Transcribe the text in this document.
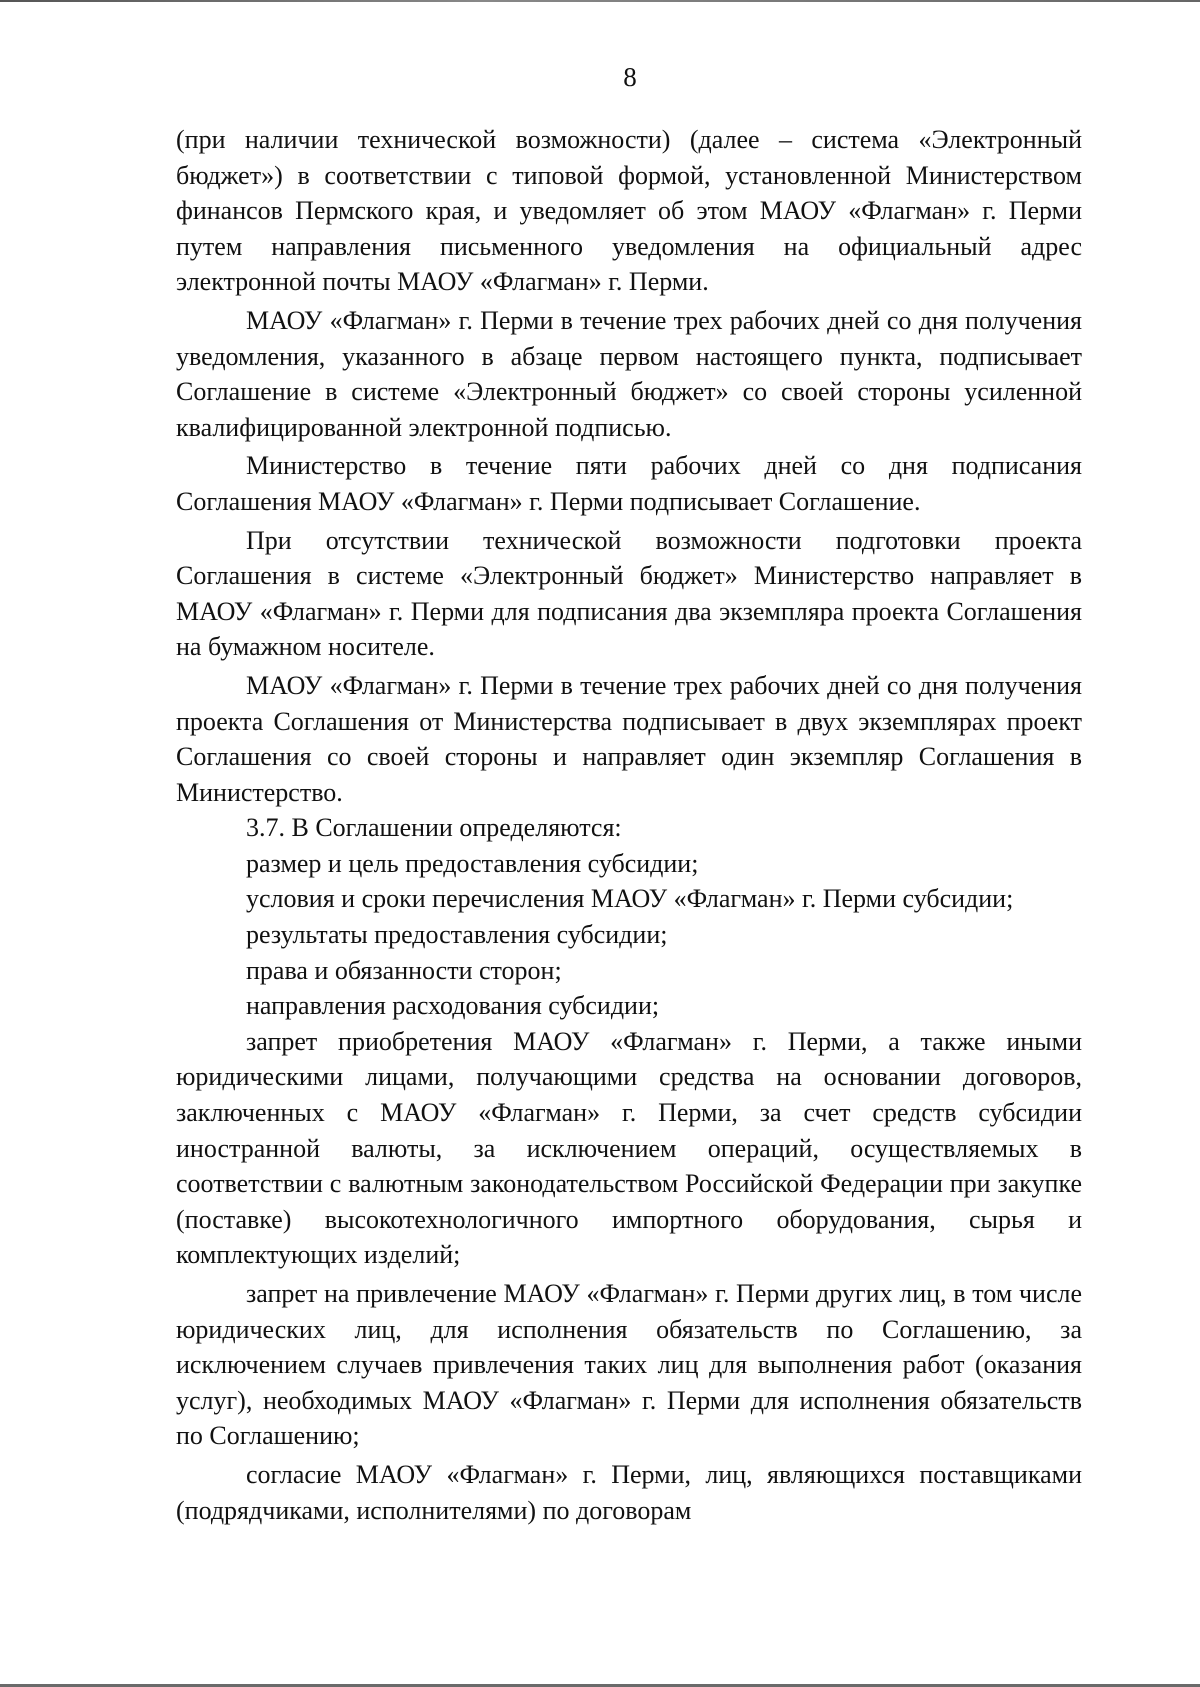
8

(при наличии технической возможности) (далее – система «Электронный бюджет») в соответствии с типовой формой, установленной Министерством финансов Пермского края, и уведомляет об этом МАОУ «Флагман» г. Перми путем направления письменного уведомления на официальный адрес электронной почты МАОУ «Флагман» г. Перми.

МАОУ «Флагман» г. Перми в течение трех рабочих дней со дня получения уведомления, указанного в абзаце первом настоящего пункта, подписывает Соглашение в системе «Электронный бюджет» со своей стороны усиленной квалифицированной электронной подписью.

Министерство в течение пяти рабочих дней со дня подписания Соглашения МАОУ «Флагман» г. Перми подписывает Соглашение.

При отсутствии технической возможности подготовки проекта Соглашения в системе «Электронный бюджет» Министерство направляет в МАОУ «Флагман» г. Перми для подписания два экземпляра проекта Соглашения на бумажном носителе.

МАОУ «Флагман» г. Перми в течение трех рабочих дней со дня получения проекта Соглашения от Министерства подписывает в двух экземплярах проект Соглашения со своей стороны и направляет один экземпляр Соглашения в Министерство.

3.7. В Соглашении определяются:

размер и цель предоставления субсидии;

условия и сроки перечисления МАОУ «Флагман» г. Перми субсидии;

результаты предоставления субсидии;

права и обязанности сторон;

направления расходования субсидии;

запрет приобретения МАОУ «Флагман» г. Перми, а также иными юридическими лицами, получающими средства на основании договоров, заключенных с МАОУ «Флагман» г. Перми, за счет средств субсидии иностранной валюты, за исключением операций, осуществляемых в соответствии с валютным законодательством Российской Федерации при закупке (поставке) высокотехнологичного импортного оборудования, сырья и комплектующих изделий;

запрет на привлечение МАОУ «Флагман» г. Перми других лиц, в том числе юридических лиц, для исполнения обязательств по Соглашению, за исключением случаев привлечения таких лиц для выполнения работ (оказания услуг), необходимых МАОУ «Флагман» г. Перми для исполнения обязательств по Соглашению;

согласие МАОУ «Флагман» г. Перми, лиц, являющихся поставщиками (подрядчиками, исполнителями) по договорам
